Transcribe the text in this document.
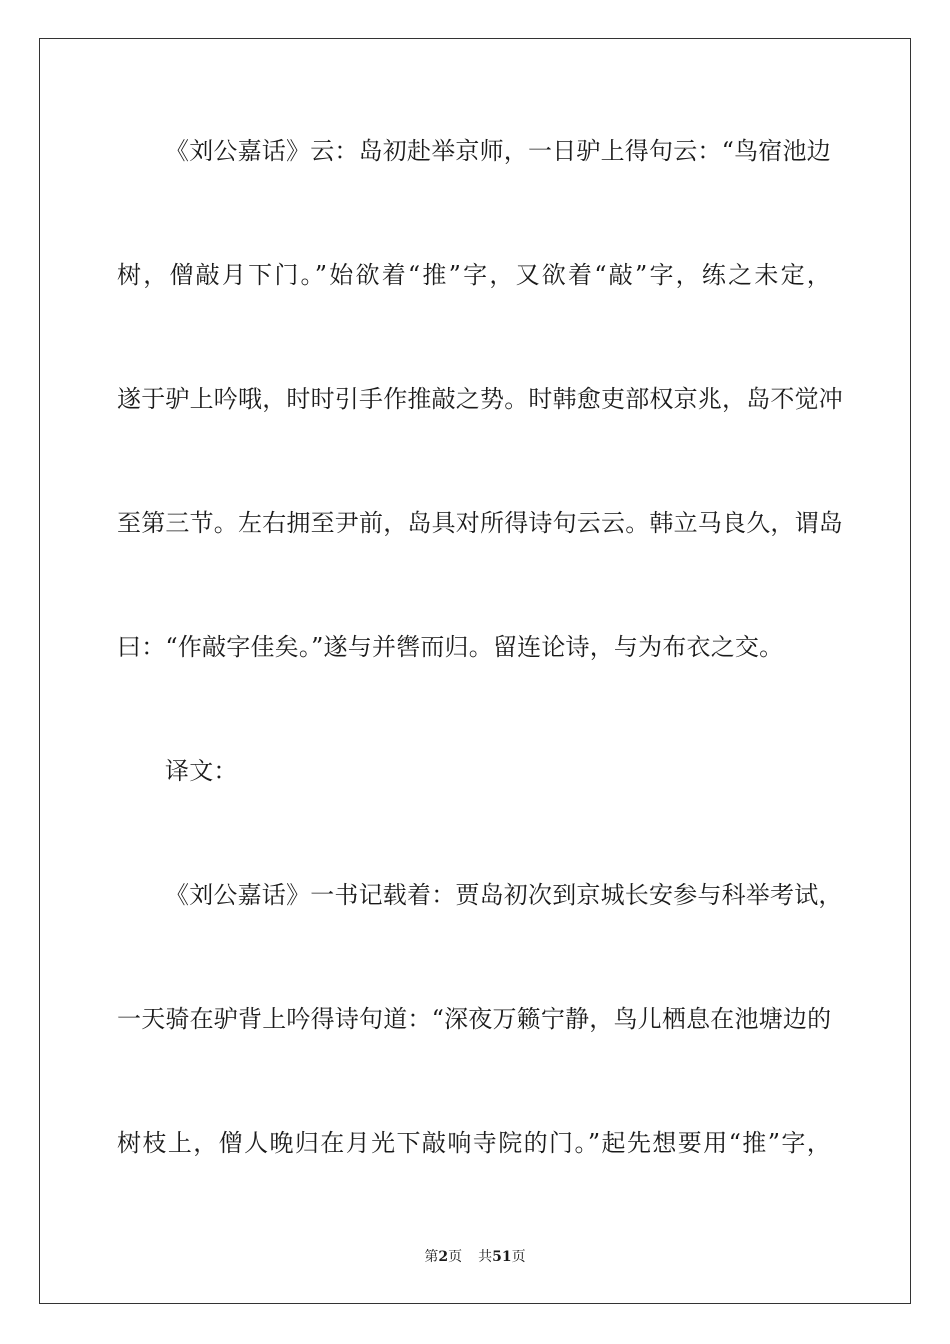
《刘公嘉话》云：岛初赴举京师，一日驴上得句云：“鸟宿池边
树，僧敲月下门。”始欲着“推”字，又欲着“敲”字，练之未定，
遂于驴上吟哦，时时引手作推敲之势。时韩愈吏部权京兆，岛不觉冲
至第三节。左右拥至尹前，岛具对所得诗句云云。韩立马良久，谓岛
曰：“作敲字佳矣。”遂与并辔而归。留连论诗，与为布衣之交。
译文：
《刘公嘉话》一书记载着：贾岛初次到京城长安参与科举考试，
一天骑在驴背上吟得诗句道：“深夜万籁宁静，鸟儿栖息在池塘边的
树枝上，僧人晚归在月光下敲响寺院的门。”起先想要用“推”字，
第2页 共51页
